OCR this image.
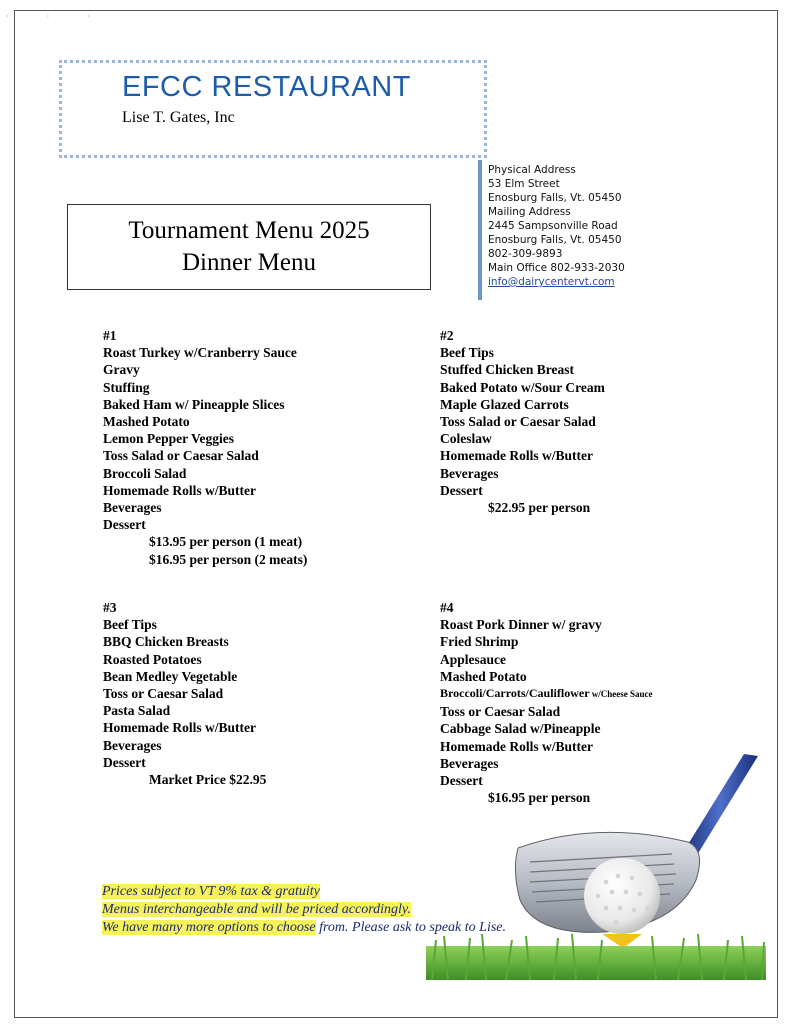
· · ·
EFCC RESTAURANT
Lise T. Gates, Inc
Tournament Menu 2025
Dinner Menu
Physical Address
53 Elm Street
Enosburg Falls, Vt. 05450
Mailing Address
2445 Sampsonville Road
Enosburg Falls, Vt. 05450
802-309-9893
Main Office 802-933-2030
info@dairycentervt.com
#1
Roast Turkey w/Cranberry Sauce
Gravy
Stuffing
Baked Ham w/ Pineapple Slices
Mashed Potato
Lemon Pepper Veggies
Toss Salad or Caesar Salad
Broccoli Salad
Homemade Rolls w/Butter
Beverages
Dessert
$13.95 per person (1 meat)
$16.95 per person (2 meats)
#2
Beef Tips
Stuffed Chicken Breast
Baked Potato w/Sour Cream
Maple Glazed Carrots
Toss Salad or Caesar Salad
Coleslaw
Homemade Rolls w/Butter
Beverages
Dessert
$22.95 per person
#3
Beef Tips
BBQ Chicken Breasts
Roasted Potatoes
Bean Medley Vegetable
Toss or Caesar Salad
Pasta Salad
Homemade Rolls w/Butter
Beverages
Dessert
Market Price $22.95
#4
Roast Pork Dinner w/ gravy
Fried Shrimp
Applesauce
Mashed Potato
Broccoli/Carrots/Cauliflower w/Cheese Sauce
Toss or Caesar Salad
Cabbage Salad w/Pineapple
Homemade Rolls w/Butter
Beverages
Dessert
$16.95 per person
Prices subject to VT 9% tax & gratuity
Menus interchangeable and will be priced accordingly.
We have many more options to choose from. Please ask to speak to Lise.
